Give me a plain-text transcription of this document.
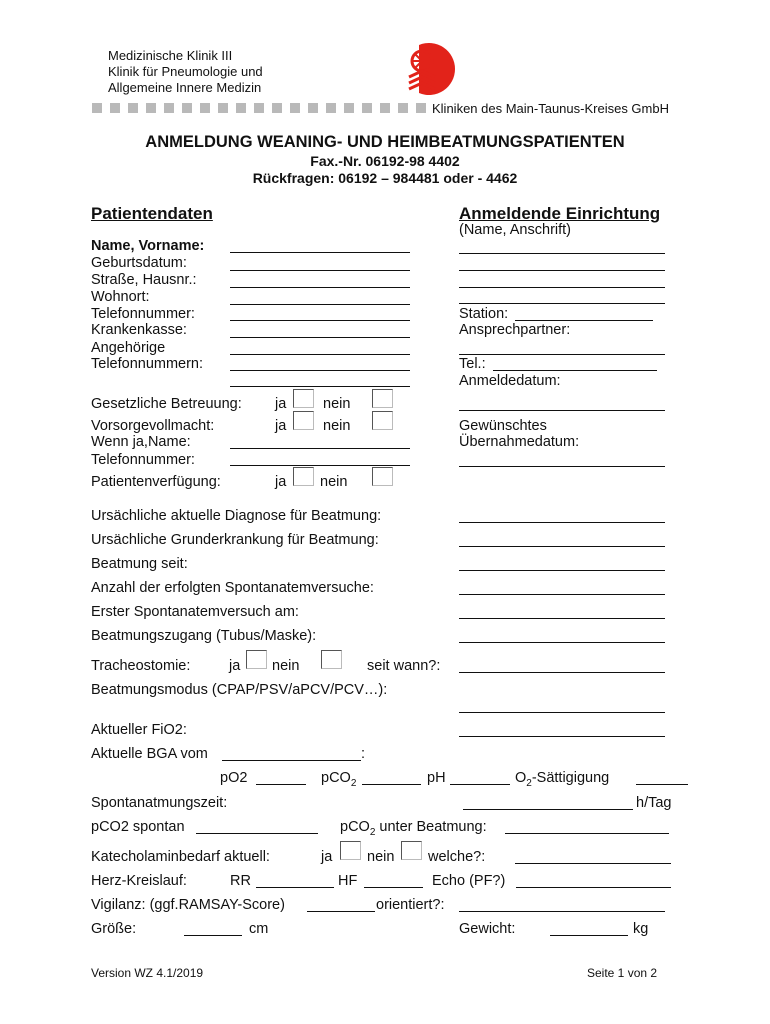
Medizinische Klinik III
Klinik für Pneumologie und
Allgemeine Innere Medizin
Kliniken des Main-Taunus-Kreises GmbH
ANMELDUNG WEANING- UND HEIMBEATMUNGSPATIENTEN
Fax.-Nr. 06192-98 4402
Rückfragen: 06192 – 984481 oder - 4462
Patientendaten	Anmeldende Einrichtung
(Name, Anschrift)
Name, Vorname:
Geburtsdatum:
Straße, Hausnr.:
Wohnort:
Telefonnummer:
Krankenkasse:
Angehörige
Telefonnummern:
Gesetzliche Betreuung: ja	nein
Vorsorgevollmacht:	ja	nein
Wenn ja,Name:
Telefonnummer:
Patientenverfügung:	ja nein
Station:
Ansprechpartner:
Tel.:
Anmeldedatum:
Gewünschtes
Übernahmedatum:
Ursächliche aktuelle Diagnose für Beatmung:
Ursächliche Grunderkrankung für Beatmung:
Beatmung seit:
Anzahl der erfolgten Spontanatemversuche:
Erster Spontanatemversuch am:
Beatmungszugang (Tubus/Maske):
Tracheostomie:	ja nein	seit wann?:
Beatmungsmodus (CPAP/PSV/aPCV/PCV…):
Aktueller FiO2:
Aktuelle BGA vom	:
pO2	pCO$_2$	pH	$O_2$-Sättigigung
Spontanatmungszeit:	h/Tag
pCO2 spontan	pCO$_2$ unter Beatmung:
Katecholaminbedarf aktuell:	ja nein welche?:
Herz-Kreislauf:	RR	HF	Echo (PF?)
Vigilanz: (ggf.RAMSAY-Score)	orientiert?:
Größe:	cm	Gewicht:	kg
Version WZ 4.1/2019	Seite 1 von 2
